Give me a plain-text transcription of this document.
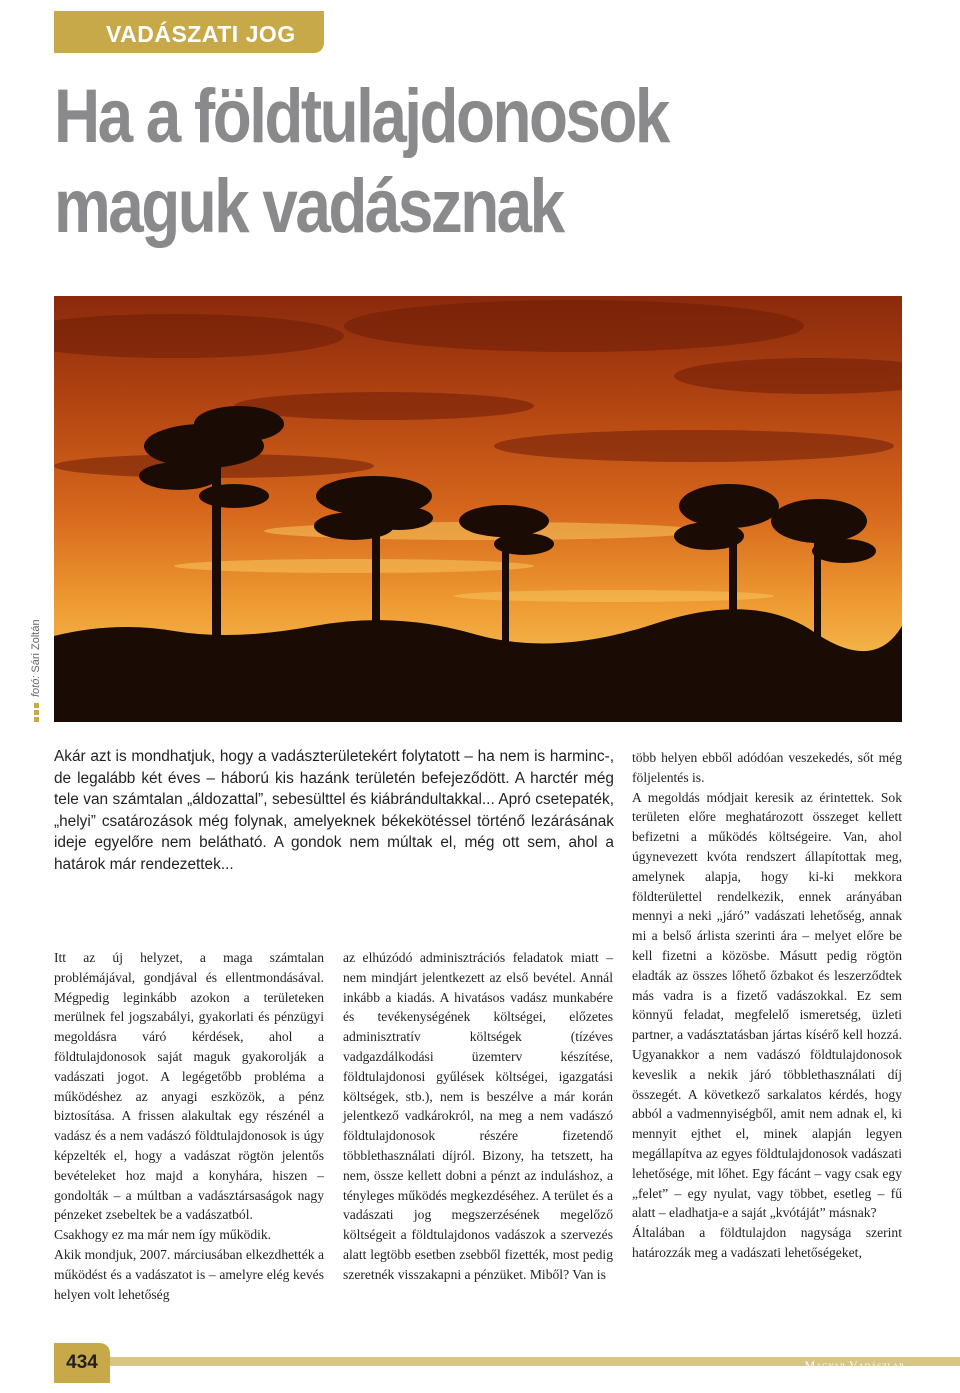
VADÁSZATI JOG
Ha a földtulajdonosok maguk vadásznak
fotó:
Sári Zoltán

Akár azt is mondhatjuk, hogy a vadászterületekért folytatott – ha nem is harminc-, de legalább két éves – háború kis hazánk területén befejeződött. A harctér még tele van számtalan „áldozattal”, sebesülttel és kiábrándultakkal... Apró csetepaték, „helyi” csatározások még folynak, amelyeknek békekötéssel történő lezárásának ideje egyelőre nem belátható. A gondok nem múltak el, még ott sem, ahol a határok már rendezettek...

Itt az új helyzet, a maga számtalan problémájával, gondjával és ellentmondásával. Mégpedig leginkább azokon a területeken merülnek fel jogszabályi, gyakorlati és pénzügyi megoldásra váró kérdések, ahol a földtulajdonosok saját maguk gyakorolják a vadászati jogot. A legégetőbb probléma a működéshez az anyagi eszközök, a pénz biztosítása. A frissen alakultak egy részénél a vadász és a nem vadászó földtulajdonosok is úgy képzelték el, hogy a vadászat rögtön jelentős bevételeket hoz majd a konyhára, hiszen – gondolták – a múltban a vadásztársaságok nagy pénzeket zsebeltek be a vadászatból.

Csakhogy ez ma már nem így működik.

Akik mondjuk, 2007. márciusában elkezdhették a működést és a vadászatot is – amelyre elég kevés helyen volt lehetőség

az elhúzódó adminisztrációs feladatok miatt – nem mindjárt jelentkezett az első bevétel. Annál inkább a kiadás. A hivatásos vadász munkabére és tevékenységének költségei, előzetes adminisztratív költségek (tízéves vadgazdálkodási üzemterv készítése, földtulajdonosi gyűlések költségei, igazgatási költségek, stb.), nem is beszélve a már korán jelentkező vadkárokról, na meg a nem vadászó földtulajdonosok részére fizetendő többlethasználati díjról. Bizony, ha tetszett, ha nem, össze kellett dobni a pénzt az induláshoz, a tényleges működés megkezdéséhez. A terület és a vadászati jog megszerzésének megelőző költségeit a földtulajdonos vadászok a szervezés alatt legtöbb esetben zsebből fizették, most pedig szeretnék visszakapni a pénzüket. Miből? Van is

több helyen ebből adódóan veszekedés, sőt még följelentés is.

A megoldás módjait keresik az érintettek. Sok területen előre meghatározott összeget kellett befizetni a működés költségeire. Van, ahol úgynevezett kvóta rendszert állapítottak meg, amelynek alapja, hogy ki-ki mekkora földterülettel rendelkezik, ennek arányában mennyi a neki „járó” vadászati lehetőség, annak mi a belső árlista szerinti ára – melyet előre be kell fizetni a közösbe. Másutt pedig rögtön eladták az összes lőhető őzbakot és leszerződtek más vadra is a fizető vadászokkal. Ez sem könnyű feladat, megfelelő ismeretség, üzleti partner, a vadásztatásban jártas kísérő kell hozzá. Ugyanakkor a nem vadászó földtulajdonosok keveslik a nekik járó többlethasználati díj összegét. A következő sarkalatos kérdés, hogy abból a vadmennyiségből, amit nem adnak el, ki mennyit ejthet el, minek alapján legyen megállapítva az egyes földtulajdonosok vadászati lehetősége, mit lőhet. Egy fácánt – vagy csak egy „felet” – egy nyulat, vagy többet, esetleg – fű alatt – eladhatja-e a saját „kvótáját” másnak?

Általában a földtulajdon nagysága szerint határozzák meg a vadászati lehetőségeket,

434	Magyar Vadászlap
